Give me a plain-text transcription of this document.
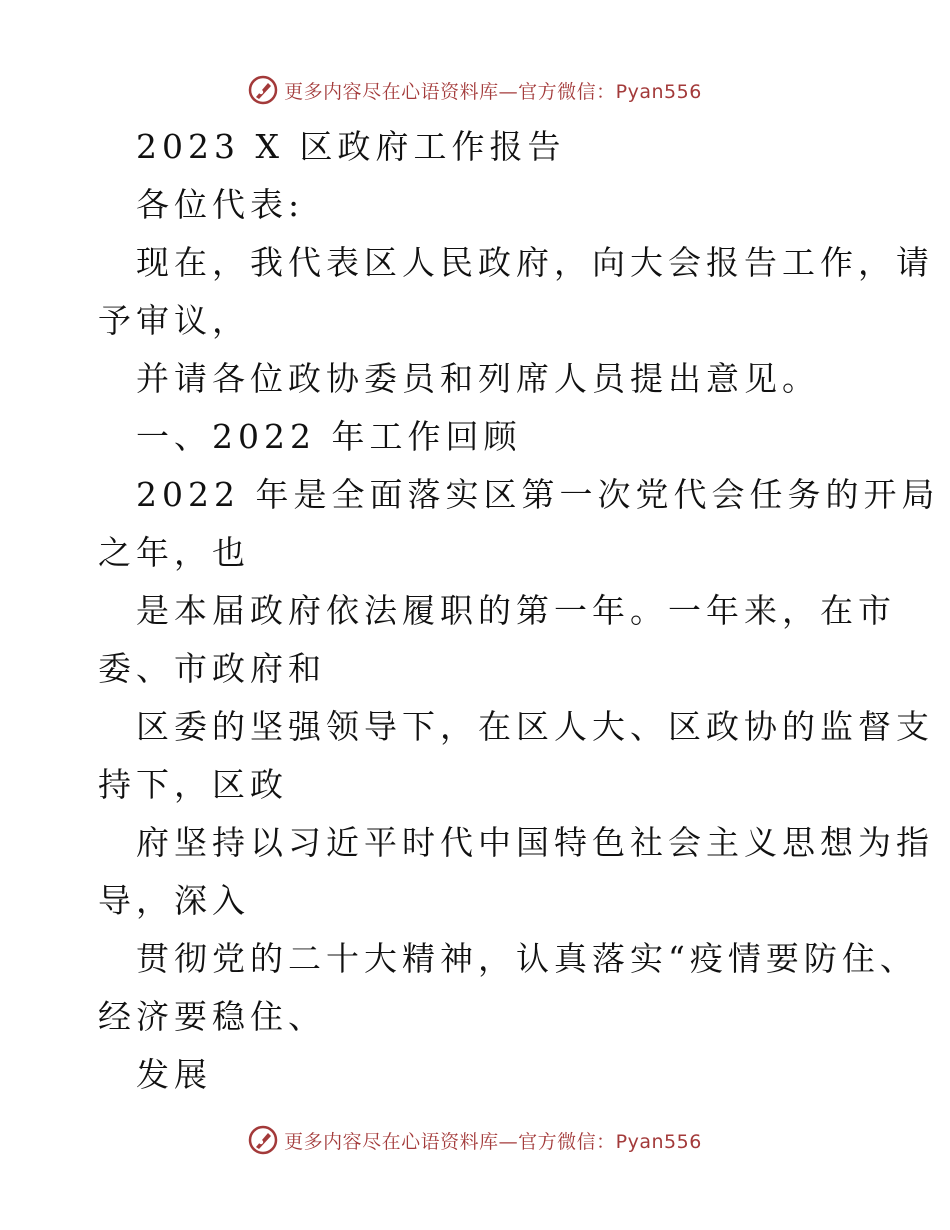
更多内容尽在心语资料库—官方微信：Pyan556
2023 X 区政府工作报告
各位代表:
现在，我代表区人民政府，向大会报告工作，请
予审议，
并请各位政协委员和列席人员提出意见。
一、2022 年工作回顾
2022 年是全面落实区第一次党代会任务的开局
之年，也
是本届政府依法履职的第一年。一年来，在市
委、市政府和
区委的坚强领导下，在区人大、区政协的监督支
持下，区政
府坚持以习近平时代中国特色社会主义思想为指
导，深入
贯彻党的二十大精神，认真落实“疫情要防住、
经济要稳住、
发展
更多内容尽在心语资料库—官方微信：Pyan556
